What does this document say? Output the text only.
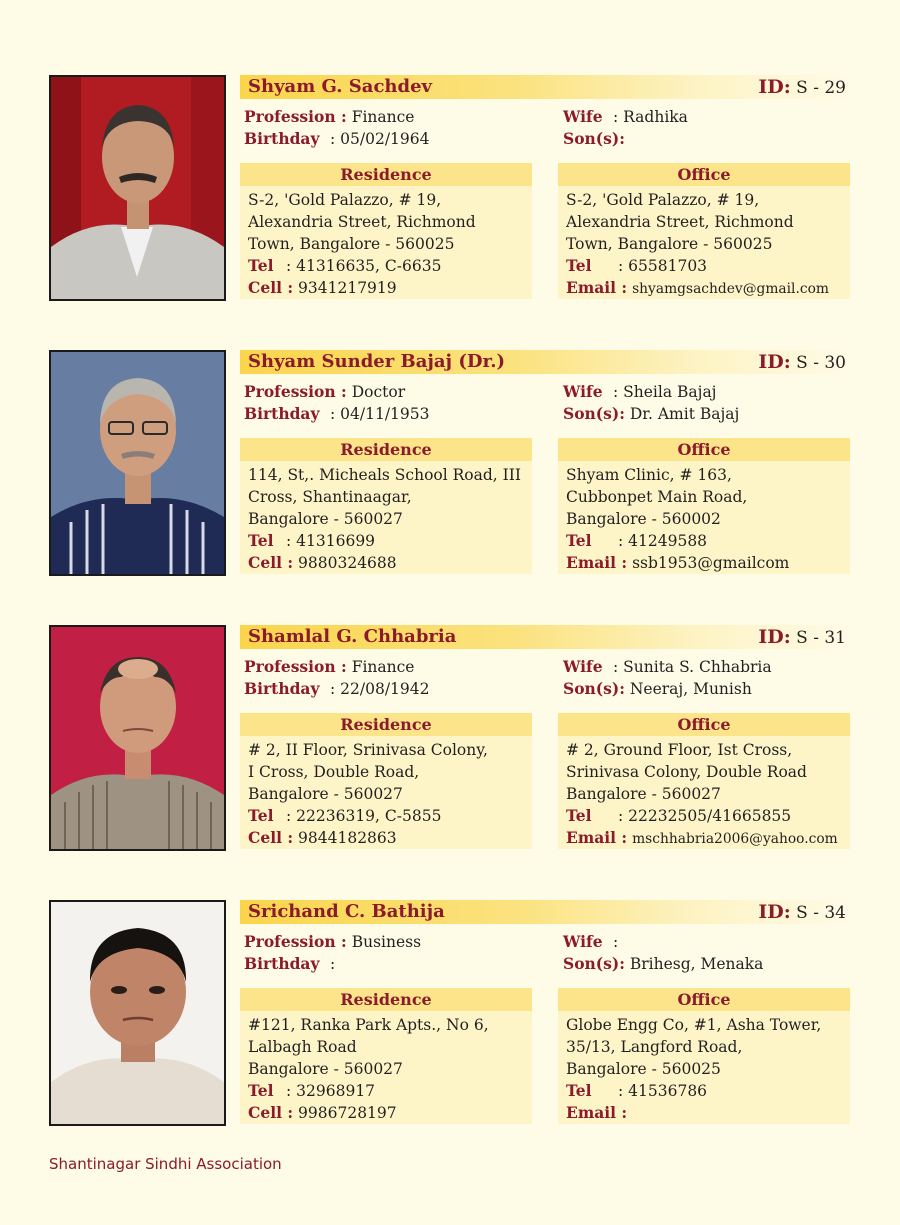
Shyam G. Sachdev	ID: S - 29
Profession : Finance
Birthday : 05/02/1964
Wife : Radhika
Son(s):
Residence
S-2, 'Gold Palazzo, # 19,
Alexandria Street, Richmond
Town, Bangalore - 560025
Tel : 41316635, C-6635
Cell : 9341217919
Office
S-2, 'Gold Palazzo, # 19,
Alexandria Street, Richmond
Town, Bangalore - 560025
Tel : 65581703
Email : shyamgsachdev@gmail.com
Shyam Sunder Bajaj (Dr.)	ID: S - 30
Profession : Doctor
Birthday : 04/11/1953
Wife : Sheila Bajaj
Son(s): Dr. Amit Bajaj
Residence
114, St,. Micheals School Road, III
Cross, Shantinaagar,
Bangalore - 560027
Tel : 41316699
Cell : 9880324688
Office
Shyam Clinic, # 163,
Cubbonpet Main Road,
Bangalore - 560002
Tel : 41249588
Email : ssb1953@gmailcom
Shamlal G. Chhabria	ID: S - 31
Profession : Finance
Birthday : 22/08/1942
Wife : Sunita S. Chhabria
Son(s): Neeraj, Munish
Residence
# 2, II Floor, Srinivasa Colony,
I Cross, Double Road,
Bangalore - 560027
Tel : 22236319, C-5855
Cell : 9844182863
Office
# 2, Ground Floor, Ist Cross,
Srinivasa Colony, Double Road
Bangalore - 560027
Tel : 22232505/41665855
Email : mschhabria2006@yahoo.com
Srichand C. Bathija	ID: S - 34
Profession : Business
Birthday :
Wife :
Son(s): Brihesg, Menaka
Residence
#121, Ranka Park Apts., No 6,
Lalbagh Road
Bangalore - 560027
Tel : 32968917
Cell : 9986728197
Office
Globe Engg Co, #1, Asha Tower,
35/13, Langford Road,
Bangalore - 560025
Tel : 41536786
Email :
Shantinagar Sindhi Association
